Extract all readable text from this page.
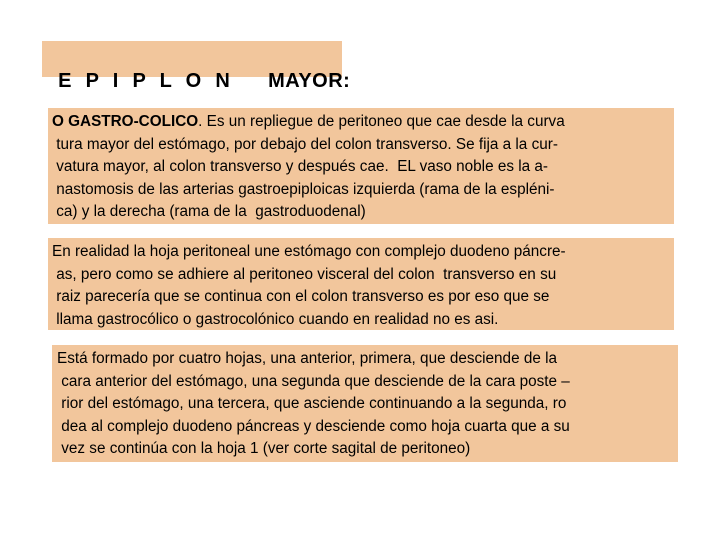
E P I P L O N MAYOR:

O GASTRO-COLICO. Es un repliegue de peritoneo que cae desde la curva
tura mayor del estómago, por debajo del colon transverso. Se fija a la cur-
vatura mayor, al colon transverso y después cae.  EL vaso noble es la a-
nastomosis de las arterias gastroepiploicas izquierda (rama de la espléni-
ca) y la derecha (rama de la  gastroduodenal)
En realidad la hoja peritoneal une estómago con complejo duodeno páncre-
as, pero como se adhiere al peritoneo visceral del colon  transverso en su
raiz parecería que se continua con el colon transverso es por eso que se
llama gastrocólico o gastrocolónico cuando en realidad no es asi.
Está formado por cuatro hojas, una anterior, primera, que desciende de la
cara anterior del estómago, una segunda que desciende de la cara poste –
rior del estómago, una tercera, que asciende continuando a la segunda, ro
dea al complejo duodeno páncreas y desciende como hoja cuarta que a su
vez se continúa con la hoja 1 (ver corte sagital de peritoneo)
